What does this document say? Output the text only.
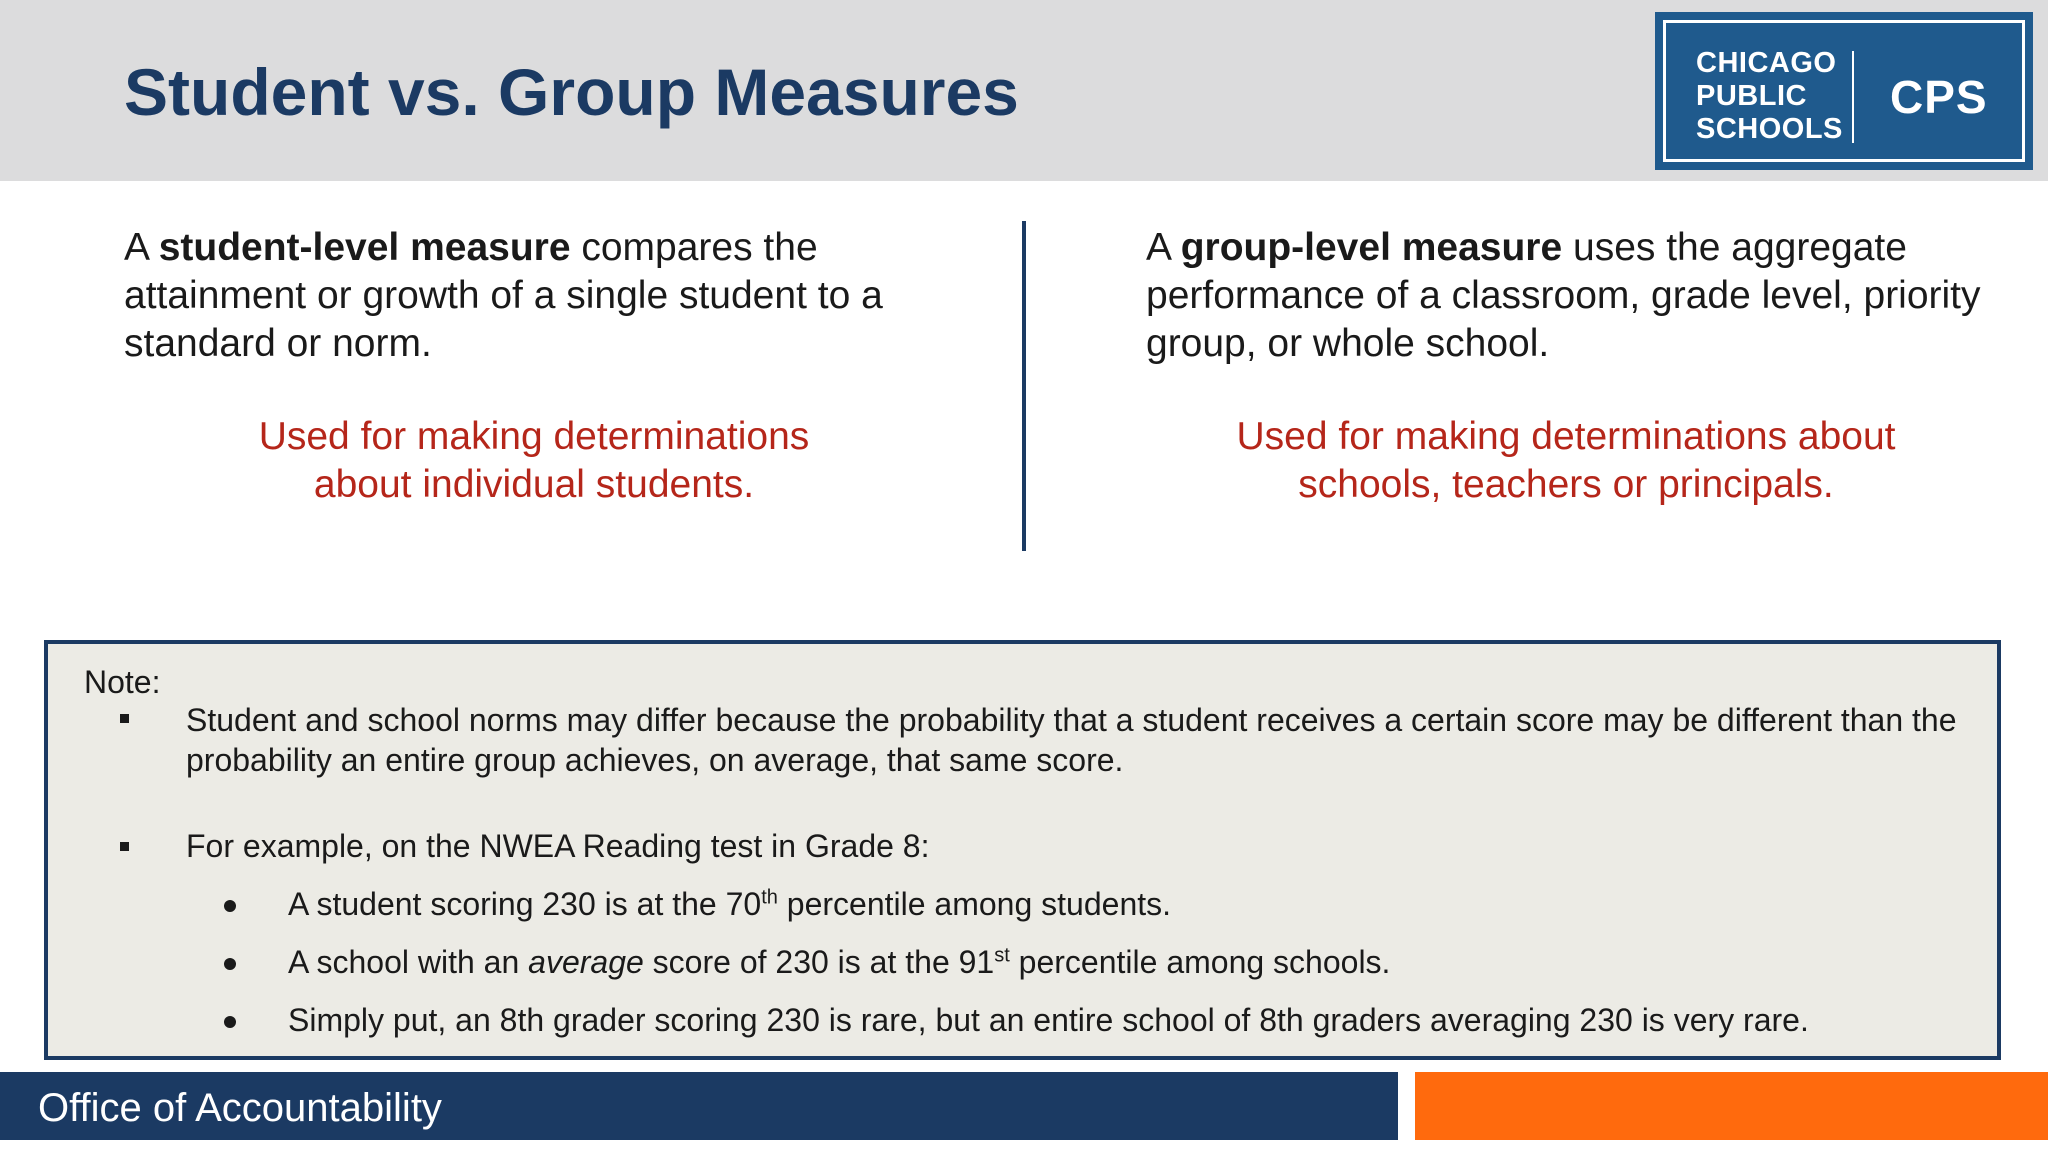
Student vs. Group Measures	CHICAGO
PUBLIC
SCHOOLS
CPS

A student-level measure compares the attainment or growth of a single student to a standard or norm.

Used for making determinations
about individual students.

A group-level measure uses the aggregate performance of a classroom, grade level, priority group, or whole school.

Used for making determinations about
schools, teachers or principals.
Note:
Student and school norms may differ because the probability that a student receives a certain score may be different than the probability an entire group achieves, on average, that same score.
For example, on the NWEA Reading test in Grade 8:
A student scoring 230 is at the 70th percentile among students.
A school with an average score of 230 is at the 91st percentile among schools.
Simply put, an 8th grader scoring 230 is rare, but an entire school of 8th graders averaging 230 is very rare.
Office of Accountability
